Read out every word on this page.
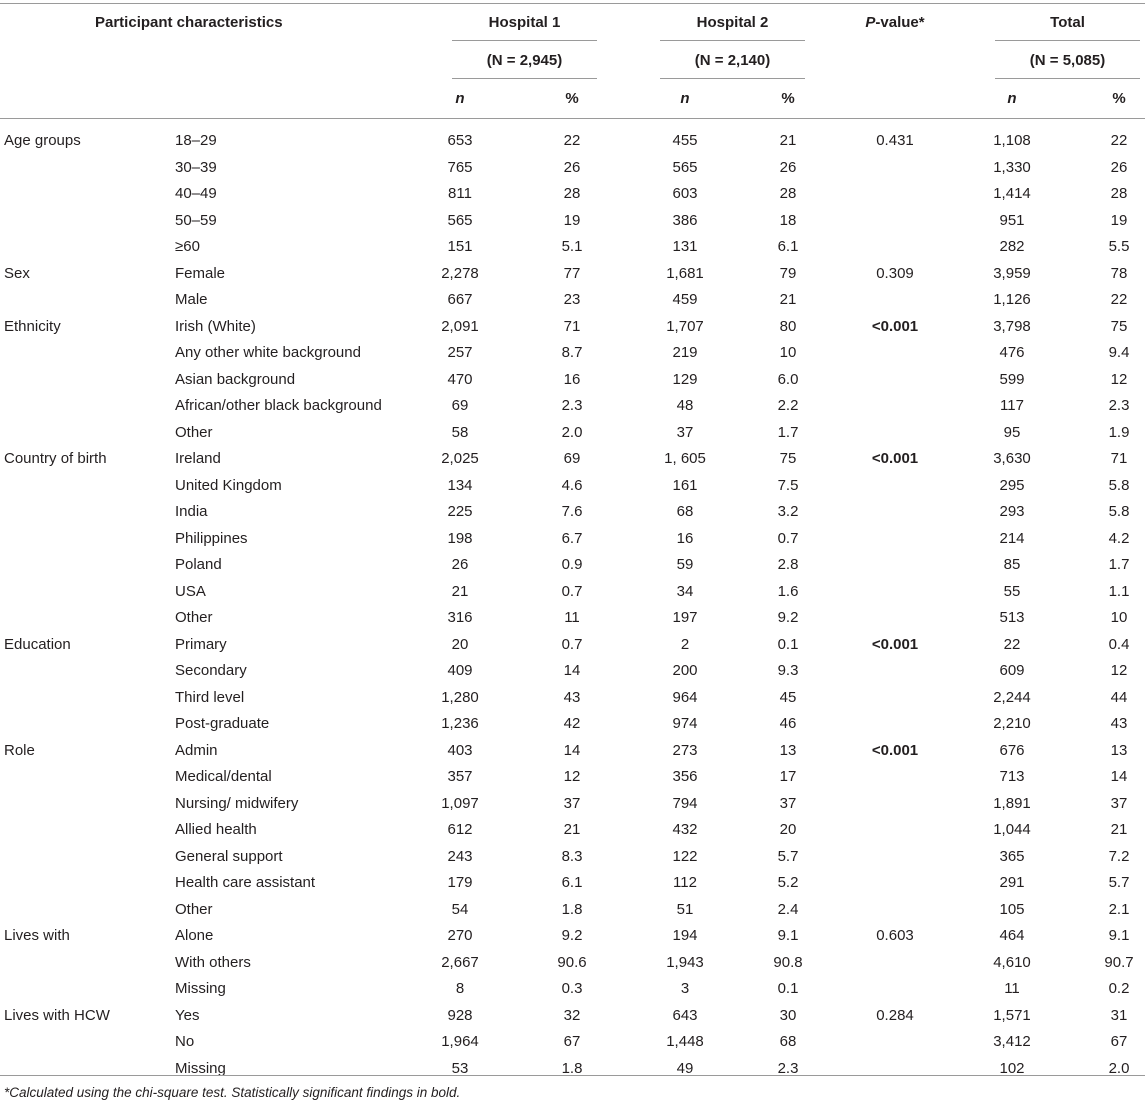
Participant characteristics	Hospital 1	Hospital 2	P-value*	Total
(N = 2,945)	(N = 2,140)	(N = 5,085)
n	%	n	%	n	%
Age groups	18–29	653	22	455	21	0.431	1,108	22
30–39	765	26	565	26	1,330	26
40–49	811	28	603	28	1,414	28
50–59	565	19	386	18	951	19
≥60	151	5.1	131	6.1	282	5.5
Sex	Female	2,278	77	1,681	79	0.309	3,959	78
Male	667	23	459	21	1,126	22
Ethnicity	Irish (White)	2,091	71	1,707	80	<0.001	3,798	75
Any other white background	257	8.7	219	10	476	9.4
Asian background	470	16	129	6.0	599	12
African/other black background	69	2.3	48	2.2	117	2.3
Other	58	2.0	37	1.7	95	1.9
Country of birth	Ireland	2,025	69	1, 605	75	<0.001	3,630	71
United Kingdom	134	4.6	161	7.5	295	5.8
India	225	7.6	68	3.2	293	5.8
Philippines	198	6.7	16	0.7	214	4.2
Poland	26	0.9	59	2.8	85	1.7
USA	21	0.7	34	1.6	55	1.1
Other	316	11	197	9.2	513	10
Education	Primary	20	0.7	2	0.1	<0.001	22	0.4
Secondary	409	14	200	9.3	609	12
Third level	1,280	43	964	45	2,244	44
Post-graduate	1,236	42	974	46	2,210	43
Role	Admin	403	14	273	13	<0.001	676	13
Medical/dental	357	12	356	17	713	14
Nursing/ midwifery	1,097	37	794	37	1,891	37
Allied health	612	21	432	20	1,044	21
General support	243	8.3	122	5.7	365	7.2
Health care assistant	179	6.1	112	5.2	291	5.7
Other	54	1.8	51	2.4	105	2.1
Lives with	Alone	270	9.2	194	9.1	0.603	464	9.1
With others	2,667	90.6	1,943	90.8	4,610	90.7
Missing	8	0.3	3	0.1	11	0.2
Lives with HCW	Yes	928	32	643	30	0.284	1,571	31
No	1,964	67	1,448	68	3,412	67
Missing	53	1.8	49	2.3	102	2.0
*Calculated using the chi-square test. Statistically significant findings in bold.
